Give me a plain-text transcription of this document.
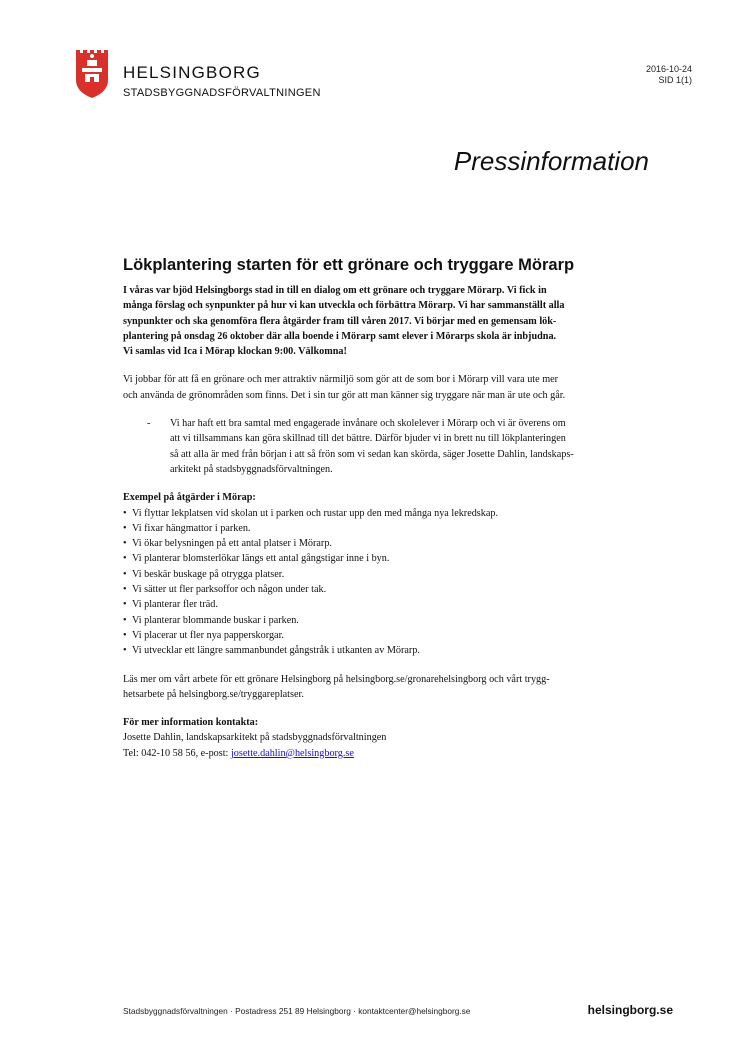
HELSINGBORG
STADSBYGGNADSFÖRVALTNINGEN
2016-10-24
SID 1(1)
Pressinformation
Lökplantering starten för ett grönare och tryggare Mörarp
I våras var bjöd Helsingborgs stad in till en dialog om ett grönare och tryggare Mörarp. Vi fick in
många förslag och synpunkter på hur vi kan utveckla och förbättra Mörarp. Vi har sammanställt alla
synpunkter och ska genomföra flera åtgärder fram till våren 2017. Vi börjar med en gemensam lök-
plantering på onsdag 26 oktober där alla boende i Mörarp samt elever i Mörarps skola är inbjudna.
Vi samlas vid Ica i Mörap klockan 9:00. Välkomna!
Vi jobbar för att få en grönare och mer attraktiv närmiljö som gör att de som bor i Mörarp vill vara ute mer
och använda de grönområden som finns. Det i sin tur gör att man känner sig tryggare när man är ute och går.
-	Vi har haft ett bra samtal med engagerade invånare och skolelever i Mörarp och vi är överens om
att vi tillsammans kan göra skillnad till det bättre. Därför bjuder vi in brett nu till lökplanteringen
så att alla är med från början i att så frön som vi sedan kan skörda, säger Josette Dahlin, landskaps-
arkitekt på stadsbyggnadsförvaltningen.
Exempel på åtgärder i Mörap:
• Vi flyttar lekplatsen vid skolan ut i parken och rustar upp den med många nya lekredskap.
• Vi fixar hängmattor i parken.
• Vi ökar belysningen på ett antal platser i Mörarp.
• Vi planterar blomsterlökar längs ett antal gångstigar inne i byn.
• Vi beskär buskage på otrygga platser.
• Vi sätter ut fler parksoffor och någon under tak.
• Vi planterar fler träd.
• Vi planterar blommande buskar i parken.
• Vi placerar ut fler nya papperskorgar.
• Vi utvecklar ett längre sammanbundet gångstråk i utkanten av Mörarp.
Läs mer om vårt arbete för ett grönare Helsingborg på helsingborg.se/gronarehelsingborg och vårt trygg-
hetsarbete på helsingborg.se/tryggareplatser.
För mer information kontakta:
Josette Dahlin, landskapsarkitekt på stadsbyggnadsförvaltningen
Tel: 042-10 58 56, e-post: josette.dahlin@helsingborg.se
Stadsbyggnadsförvaltningen · Postadress 251 89 Helsingborg · kontaktcenter@helsingborg.se	helsingborg.se
